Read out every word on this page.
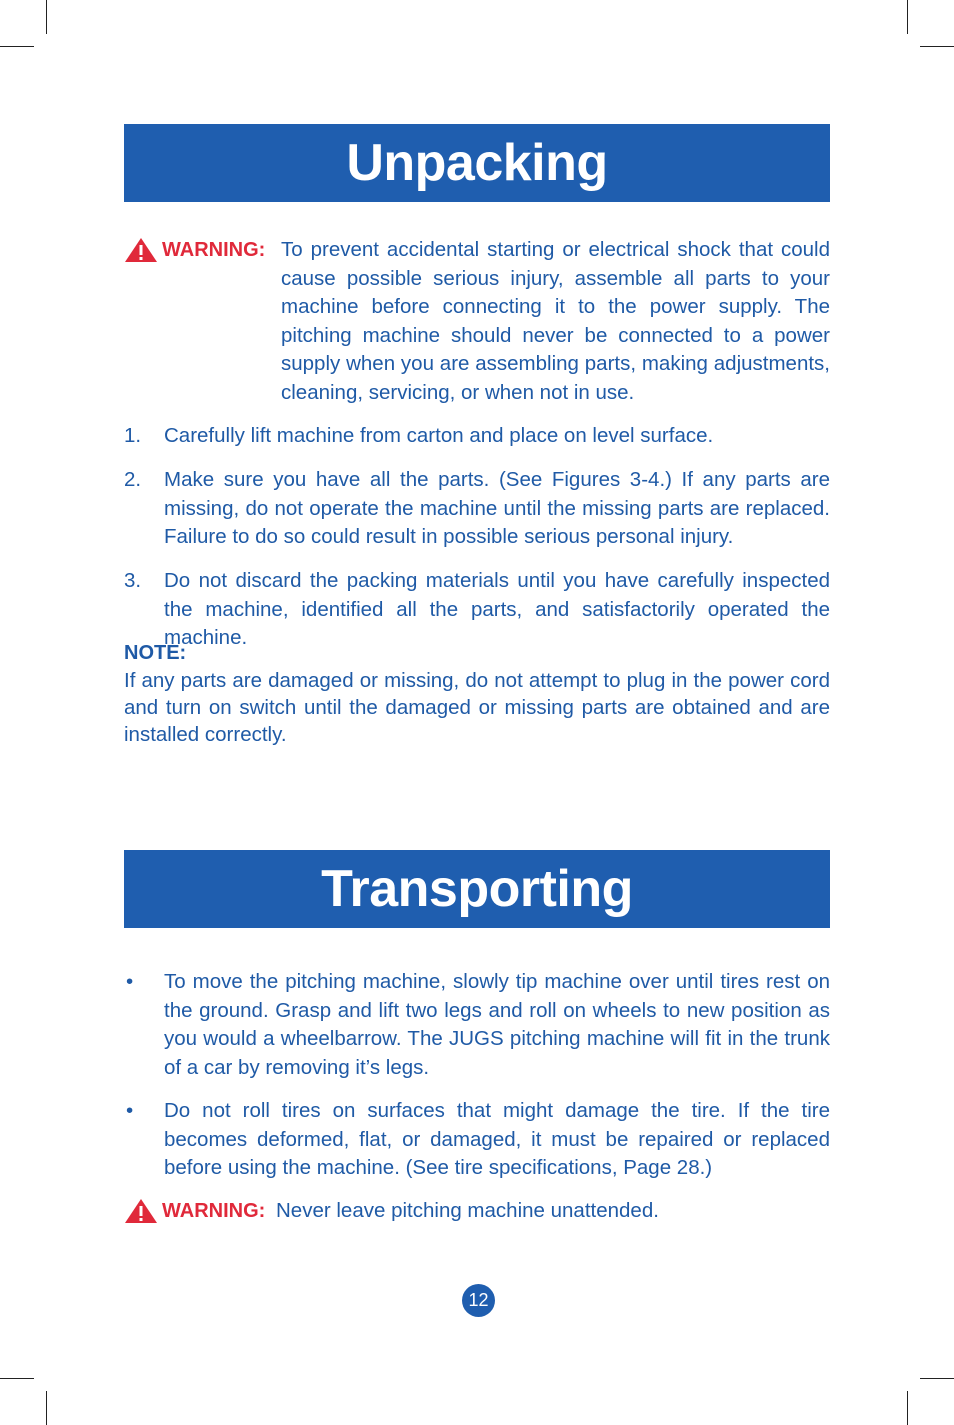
Unpacking
WARNING: To prevent accidental starting or electrical shock that could cause possible serious injury, assemble all parts to your machine before connecting it to the power supply. The pitching machine should never be connected to a power supply when you are assembling parts, making adjustments, cleaning, servicing, or when not in use.
1. Carefully lift machine from carton and place on level surface.
2. Make sure you have all the parts. (See Figures 3-4.) If any parts are missing, do not operate the machine until the missing parts are replaced. Failure to do so could result in possible serious personal injury.
3. Do not discard the packing materials until you have carefully inspected the machine, identified all the parts, and satisfactorily operated the machine.
NOTE:
If any parts are damaged or missing, do not attempt to plug in the power cord and turn on switch until the damaged or missing parts are obtained and are installed correctly.
Transporting
• To move the pitching machine, slowly tip machine over until tires rest on the ground. Grasp and lift two legs and roll on wheels to new position as you would a wheelbarrow. The JUGS pitching machine will fit in the trunk of a car by removing it’s legs.
• Do not roll tires on surfaces that might damage the tire. If the tire becomes deformed, flat, or damaged, it must be repaired or replaced before using the machine. (See tire specifications, Page 28.)
WARNING: Never leave pitching machine unattended.
12
